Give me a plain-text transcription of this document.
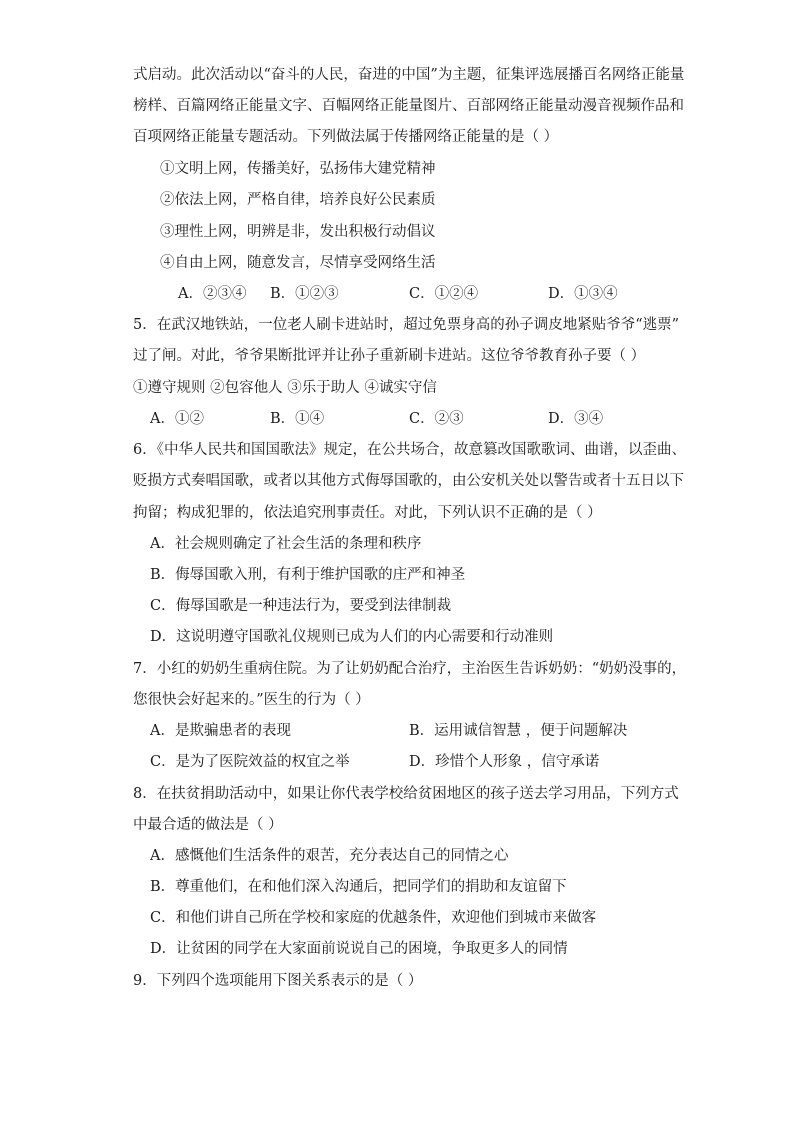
式启动。此次活动以“奋斗的人民，奋进的中国”为主题，征集评选展播百名网络正能量
榜样、百篇网络正能量文字、百幅网络正能量图片、百部网络正能量动漫音视频作品和
百项网络正能量专题活动。下列做法属于传播网络正能量的是（ ）
①文明上网，传播美好，弘扬伟大建党精神
②依法上网，严格自律，培养良好公民素质
③理性上网，明辨是非，发出积极行动倡议
④自由上网，随意发言，尽情享受网络生活
A．②③④ B．①②③	C．①②④	D．①③④
5．在武汉地铁站，一位老人刷卡进站时，超过免票身高的孙子调皮地紧贴爷爷“逃票”
过了闸。对此，爷爷果断批评并让孙子重新刷卡进站。这位爷爷教育孙子要（ ）
①遵守规则 ②包容他人 ③乐于助人 ④诚实守信
A．①②	B．①④	C．②③	D．③④
6．《中华人民共和国国歌法》规定，在公共场合，故意篡改国歌歌词、曲谱，以歪曲、
贬损方式奏唱国歌，或者以其他方式侮辱国歌的，由公安机关处以警告或者十五日以下
拘留；构成犯罪的，依法追究刑事责任。对此，下列认识不正确的是（ ）
A．社会规则确定了社会生活的条理和秩序
B．侮辱国歌入刑，有利于维护国歌的庄严和神圣
C．侮辱国歌是一种违法行为，要受到法律制裁
D．这说明遵守国歌礼仪规则已成为人们的内心需要和行动准则
7．小红的奶奶生重病住院。为了让奶奶配合治疗，主治医生告诉奶奶：“奶奶没事的，
您很快会好起来的。”医生的行为（ ）
A．是欺骗患者的表现	B．运用诚信智慧 ，便于问题解决
C．是为了医院效益的权宜之举	D．珍惜个人形象 ，信守承诺
8．在扶贫捐助活动中，如果让你代表学校给贫困地区的孩子送去学习用品，下列方式
中最合适的做法是（ ）
A．感慨他们生活条件的艰苦，充分表达自己的同情之心
B．尊重他们，在和他们深入沟通后，把同学们的捐助和友谊留下
C．和他们讲自己所在学校和家庭的优越条件，欢迎他们到城市来做客
D．让贫困的同学在大家面前说说自己的困境，争取更多人的同情
9．下列四个选项能用下图关系表示的是（ ）
